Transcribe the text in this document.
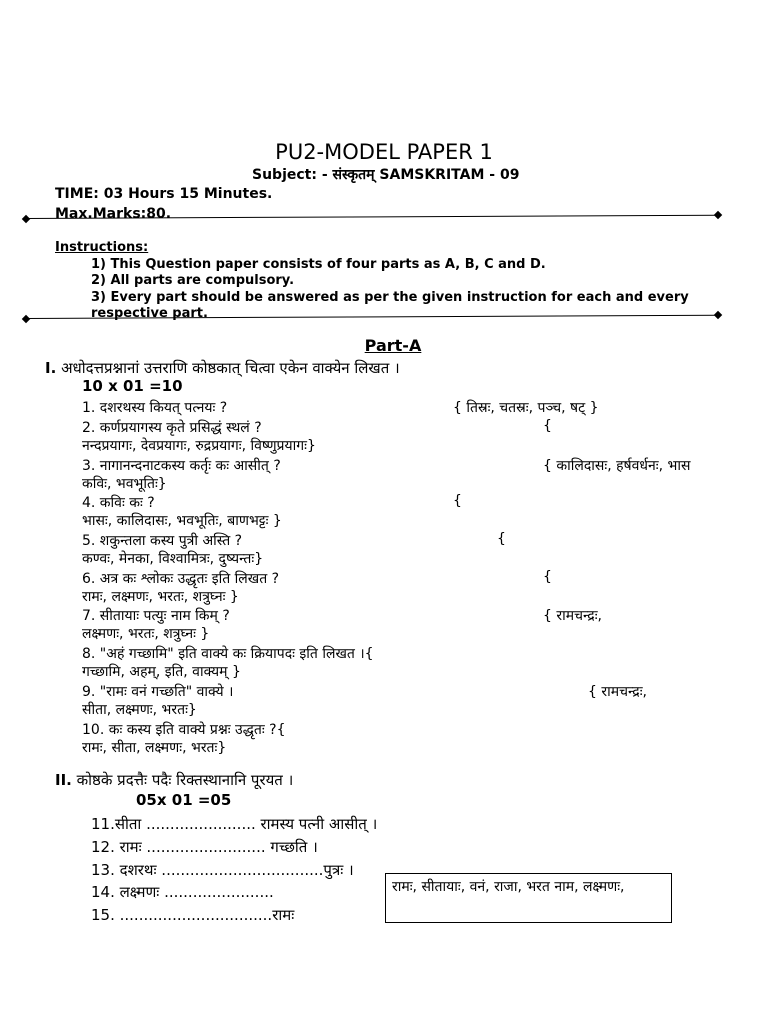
PU2-MODEL PAPER 1
Subject: - संस्कृतम् SAMSKRITAM - 09
TIME: 03 Hours 15 Minutes.
Max.Marks:80.
Instructions:
1) This Question paper consists of four parts as A, B, C and D.
2) All parts are compulsory.
3) Every part should be answered as per the given instruction for each and every
respective part.
Part-A
I. अधोदत्तप्रश्नानां उत्तराणि कोष्ठकात् चित्वा एकेन वाक्येन लिखत ।
10 x 01 =10
1. दशरथस्य कियत् पत्नयः ?	{ तिस्रः, चतस्रः, पञ्च, षट् }
2. कर्णप्रयागस्य कृते प्रसिद्धं स्थलं ?	{
नन्दप्रयागः, देवप्रयागः, रुद्रप्रयागः, विष्णुप्रयागः}
3. नागानन्दनाटकस्य कर्तृः कः आसीत् ?	{ कालिदासः, हर्षवर्धनः, भास
कविः, भवभूतिः}
4. कविः कः ?	{
भासः, कालिदासः, भवभूतिः, बाणभट्टः }
5. शकुन्तला कस्य पुत्री अस्ति ?	{
कण्वः, मेनका, विश्वामित्रः, दुष्यन्तः}
6. अत्र कः श्लोकः उद्धृतः इति लिखत ?	{
रामः, लक्ष्मणः, भरतः, शत्रुघ्नः }
7. सीतायाः पत्युः नाम किम् ?	{ रामचन्द्रः,
लक्ष्मणः, भरतः, शत्रुघ्नः }
8. "अहं गच्छामि" इति वाक्ये कः क्रियापदः इति लिखत ।{
गच्छामि, अहम्, इति, वाक्यम् }
9. "रामः वनं गच्छति" वाक्ये ।	{ रामचन्द्रः,
सीता, लक्ष्मणः, भरतः}
10. कः कस्य इति वाक्ये प्रश्नः उद्धृतः ?{
रामः, सीता, लक्ष्मणः, भरतः}
II. कोष्ठके प्रदत्तैः पदैः रिक्तस्थानानि पूरयत ।
05x 01 =05
11.सीता ....................... रामस्य पत्नी आसीत् ।
12. रामः ......................... गच्छति ।
13. दशरथः ..................................पुत्रः ।
14. लक्ष्मणः .......................
15. ................................रामः
रामः, सीतायाः, वनं, राजा, भरत नाम, लक्ष्मणः,
